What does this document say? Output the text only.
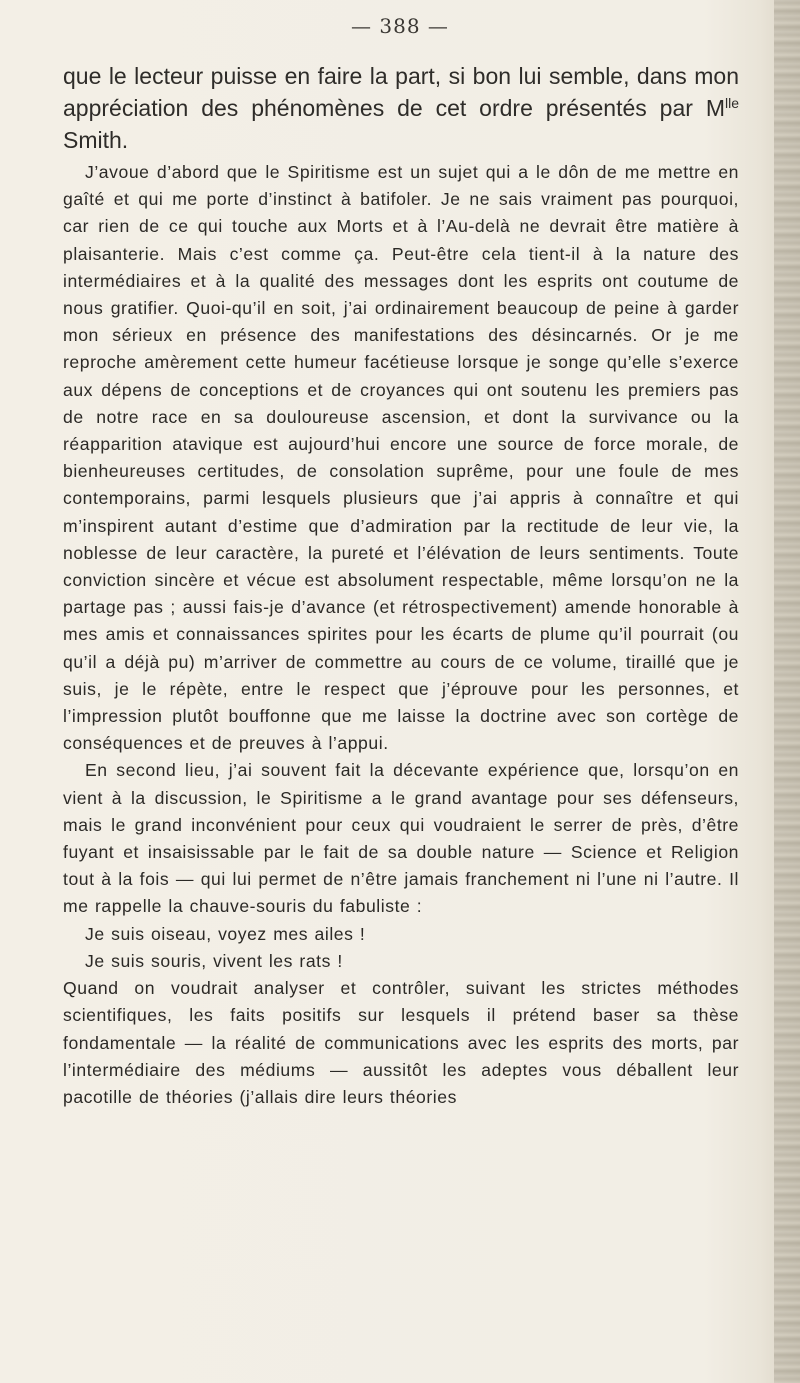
— 388 —

que le lecteur puisse en faire la part, si bon lui semble, dans mon appréciation des phénomènes de cet ordre présentés par $M^{lle}$ Smith.

J’avoue d’abord que le Spiritisme est un sujet qui a le dôn de me mettre en gaîté et qui me porte d’instinct à batifoler. Je ne sais vraiment pas pourquoi, car rien de ce qui touche aux Morts et à l’Au-delà ne devrait être matière à plaisanterie. Mais c’est comme ça. Peut-être cela tient-il à la nature des intermédiaires et à la qualité des messages dont les esprits ont coutume de nous gratifier. Quoi-qu’il en soit, j’ai ordinairement beaucoup de peine à garder mon sérieux en présence des manifestations des désincarnés. Or je me reproche amèrement cette humeur facétieuse lorsque je songe qu’elle s’exerce aux dépens de conceptions et de croyances qui ont soutenu les premiers pas de notre race en sa douloureuse ascension, et dont la survivance ou la réapparition atavique est aujourd’hui encore une source de force morale, de bienheureuses certitudes, de consolation suprême, pour une foule de mes contemporains, parmi lesquels plusieurs que j’ai appris à connaître et qui m’inspirent autant d’estime que d’admiration par la rectitude de leur vie, la noblesse de leur caractère, la pureté et l’élévation de leurs sentiments. Toute conviction sincère et vécue est absolument respectable, même lorsqu’on ne la partage pas ; aussi fais-je d’avance (et rétrospectivement) amende honorable à mes amis et connaissances spirites pour les écarts de plume qu’il pourrait (ou qu’il a déjà pu) m’arriver de commettre au cours de ce volume, tiraillé que je suis, je le répète, entre le respect que j’éprouve pour les personnes, et l’impression plutôt bouffonne que me laisse la doctrine avec son cortège de conséquences et de preuves à l’appui.

En second lieu, j’ai souvent fait la décevante expérience que, lorsqu’on en vient à la discussion, le Spiritisme a le grand avantage pour ses défenseurs, mais le grand inconvénient pour ceux qui voudraient le serrer de près, d’être fuyant et insaisissable par le fait de sa double nature — Science et Religion tout à la fois — qui lui permet de n’être jamais franchement ni l’une ni l’autre. Il me rappelle la chauve-souris du fabuliste :

Je suis oiseau, voyez mes ailes !

Je suis souris, vivent les rats !

Quand on voudrait analyser et contrôler, suivant les strictes méthodes scientifiques, les faits positifs sur lesquels il prétend baser sa thèse fondamentale — la réalité de communications avec les esprits des morts, par l’intermédiaire des médiums — aussitôt les adeptes vous déballent leur pacotille de théories (j’allais dire leurs théories
